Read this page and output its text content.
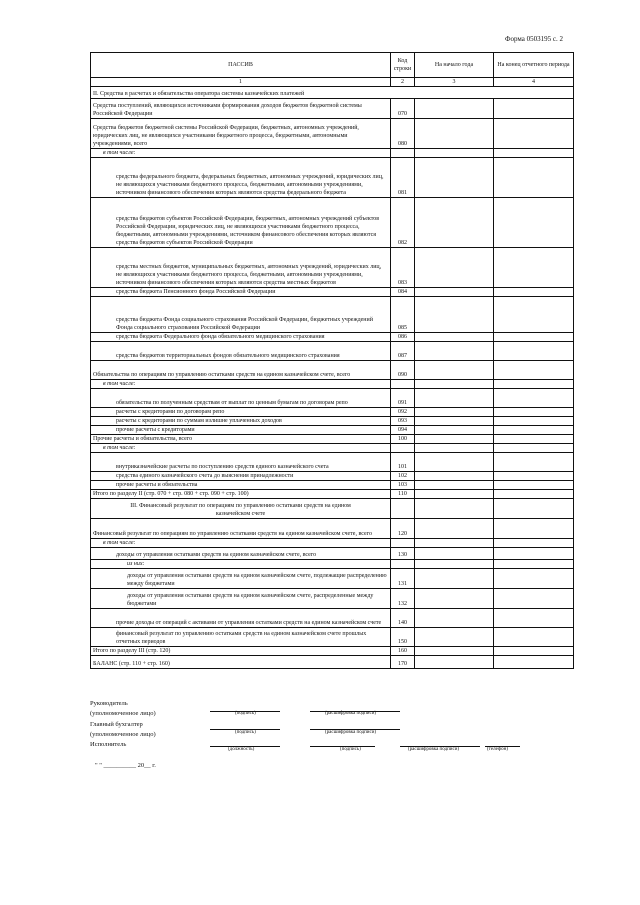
Форма 0503195 с. 2
ПАССИВ	Код строки	На начало года	На конец отчетного периода
1	2	3	4
II. Средства в расчетах и обязательства оператора системы казначейских платежей			
Средства поступлений, являющихся источниками формирования доходов бюджетов бюджетной системы Российской Федерации	070		
Средства бюджетов бюджетной системы Российской Федерации, бюджетных, автономных учреждений, юридических лиц, не являющихся участниками бюджетного процесса, бюджетными, автономными учреждениями, всего	080		
в том числе:			
средства федерального бюджета, федеральных бюджетных, автономных учреждений, юридических лиц, не являющихся участниками бюджетного процесса, бюджетными, автономными учреждениями, источником финансового обеспечения которых являются средства федерального бюджета	081		
средства бюджетов субъектов Российской Федерации, бюджетных, автономных учреждений субъектов Российской Федерации, юридических лиц, не являющихся участниками бюджетного процесса, бюджетными, автономными учреждениями, источником финансового обеспечения которых являются средства бюджетов субъектов Российской Федерации	082		
средства местных бюджетов, муниципальных бюджетных, автономных учреждений, юридических лиц, не являющихся участниками бюджетного процесса, бюджетными, автономными учреждениями, источником финансового обеспечения которых являются средства местных бюджетов	083		
средства бюджета Пенсионного фонда Российской Федерации	084		
средства бюджета Фонда социального страхования Российской Федерации, бюджетных учреждений Фонда социального страхования Российской Федерации	085		
средства бюджета Федерального фонда обязательного медицинского страхования	086		
средства бюджетов территориальных фондов обязательного медицинского страхования	087		
Обязательства по операциям по управлению остатками средств на едином казначейском счете, всего	090		
в том числе:			
обязательства по полученным средствам от выплат по ценным бумагам по договорам репо	091		
расчеты с кредиторами по договорам репо	092		
расчеты с кредиторами по суммам излишне уплаченных доходов	093		
прочие расчеты с кредиторами	094		
Прочие расчеты и обязательства, всего	100		
в том числе:			
внутриказначейские расчеты по поступлению средств единого казначейского счета	101		
средства единого казначейского счета до выяснения принадлежности	102		
прочие расчеты и обязательства	103		
Итого по разделу II (стр. 070 + стр. 080 + стр. 090 + стр. 100)	110		
III. Финансовый результат по операциям по управлению остатками средств на едином казначейском счете			
Финансовый результат по операциям по управлению остатками средств на едином казначейском счете, всего	120		
в том числе:			
доходы от управления остатками средств на едином казначейском счете, всего	130		
из них:			
доходы от управления остатками средств на едином казначейском счете, подлежащие распределению между бюджетами	131		
доходы от управления остатками средств на едином казначейском счете, распределенные между бюджетами	132		
прочие доходы от операций с активами от управления остатками средств на едином казначейском счете	140		
финансовый результат по управлению остатками средств на едином казначейском счете прошлых отчетных периодов	150		
Итого по разделу III (стр. 120)	160		
БАЛАНС (стр. 110 + стр. 160)	170		
Руководитель
(уполномоченное лицо)	(подпись)	(расшифровка подписи)
Главный бухгалтер
(уполномоченное лицо)	(подпись)	(расшифровка подписи)
Исполнитель
(должность)	(подпись)	(расшифровка подписи)	(телефон)
" " __________ 20__ г.
